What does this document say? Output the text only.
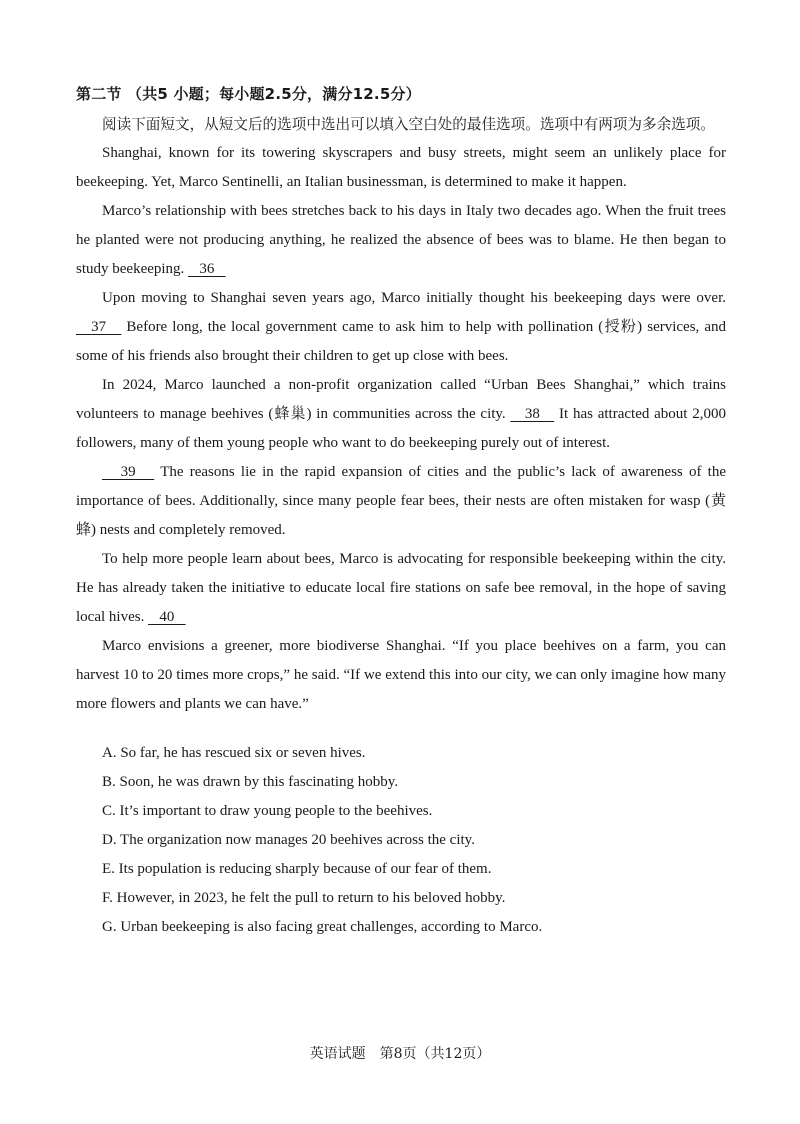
第二节 （共5 小题；每小题2.5分，满分12.5分）

阅读下面短文，从短文后的选项中选出可以填入空白处的最佳选项。选项中有两项为多余选项。

Shanghai, known for its towering skyscrapers and busy streets, might seem an unlikely place for beekeeping. Yet, Marco Sentinelli, an Italian businessman, is determined to make it happen.

Marco’s relationship with bees stretches back to his days in Italy two decades ago. When the fruit trees he planted were not producing anything, he realized the absence of bees was to blame. He then began to study beekeeping.    36

Upon moving to Shanghai seven years ago, Marco initially thought his beekeeping days were over.    37    Before long, the local government came to ask him to help with pollination (授粉) services, and some of his friends also brought their children to get up close with bees.

In 2024, Marco launched a non-profit organization called “Urban Bees Shanghai,” which trains volunteers to manage beehives (蜂巢) in communities across the city.    38    It has attracted about 2,000 followers, many of them young people who want to do beekeeping purely out of interest.

39    The reasons lie in the rapid expansion of cities and the public’s lack of awareness of the importance of bees. Additionally, since many people fear bees, their nests are often mistaken for wasp (黄蜂) nests and completely removed.

To help more people learn about bees, Marco is advocating for responsible beekeeping within the city. He has already taken the initiative to educate local fire stations on safe bee removal, in the hope of saving local hives.    40

Marco envisions a greener, more biodiverse Shanghai. “If you place beehives on a farm, you can harvest 10 to 20 times more crops,” he said. “If we extend this into our city, we can only imagine how many more flowers and plants we can have.”

A. So far, he has rescued six or seven hives.

B. Soon, he was drawn by this fascinating hobby.

C. It’s important to draw young people to the beehives.

D. The organization now manages 20 beehives across the city.

E. Its population is reducing sharply because of our fear of them.

F. However, in 2023, he felt the pull to return to his beloved hobby.

G. Urban beekeeping is also facing great challenges, according to Marco.

英语试题　第8页（共12页）
